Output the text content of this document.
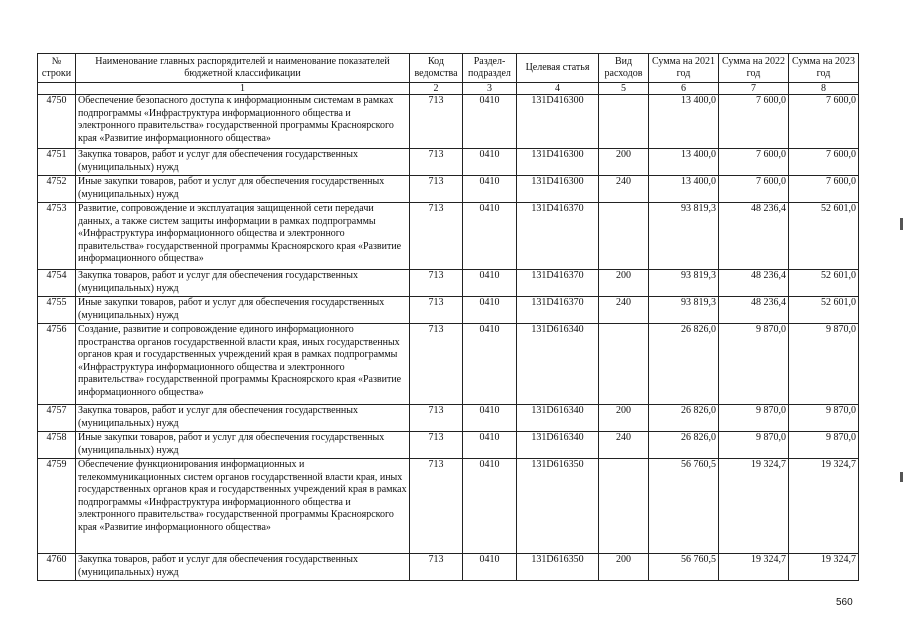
№ строки	Наименование главных распорядителей и наименование показателей бюджетной классификации	Код ведомства	Раздел-подраздел	Целевая статья	Вид расходов	Сумма на 2021 год	Сумма на 2022 год	Сумма на 2023 год
	1	2	3	4	5	6	7	8
4750	Обеспечение безопасного доступа к информационным системам в рамках подпрограммы «Инфраструктура информационного общества и электронного правительства» государственной программы Красноярского края «Развитие информационного общества»	713	0410	131D416300		13 400,0	7 600,0	7 600,0
4751	Закупка товаров, работ и услуг для обеспечения государственных (муниципальных) нужд	713	0410	131D416300	200	13 400,0	7 600,0	7 600,0
4752	Иные закупки товаров, работ и услуг для обеспечения государственных (муниципальных) нужд	713	0410	131D416300	240	13 400,0	7 600,0	7 600,0
4753	Развитие, сопровождение и эксплуатация защищенной сети передачи данных, а также систем защиты информации в рамках подпрограммы «Инфраструктура информационного общества и электронного правительства» государственной программы Красноярского края «Развитие информационного общества»	713	0410	131D416370		93 819,3	48 236,4	52 601,0
4754	Закупка товаров, работ и услуг для обеспечения государственных (муниципальных) нужд	713	0410	131D416370	200	93 819,3	48 236,4	52 601,0
4755	Иные закупки товаров, работ и услуг для обеспечения государственных (муниципальных) нужд	713	0410	131D416370	240	93 819,3	48 236,4	52 601,0
4756	Создание, развитие и сопровождение единого информационного пространства органов государственной власти края, иных государственных органов края и государственных учреждений края в рамках подпрограммы «Инфраструктура информационного общества и электронного правительства» государственной программы Красноярского края «Развитие информационного общества»	713	0410	131D616340		26 826,0	9 870,0	9 870,0
4757	Закупка товаров, работ и услуг для обеспечения государственных (муниципальных) нужд	713	0410	131D616340	200	26 826,0	9 870,0	9 870,0
4758	Иные закупки товаров, работ и услуг для обеспечения государственных (муниципальных) нужд	713	0410	131D616340	240	26 826,0	9 870,0	9 870,0
4759	Обеспечение функционирования информационных и телекоммуникационных систем органов государственной власти края, иных государственных органов края и государственных учреждений края в рамках подпрограммы «Инфраструктура информационного общества и электронного правительства» государственной программы Красноярского края «Развитие информационного общества»	713	0410	131D616350		56 760,5	19 324,7	19 324,7
4760	Закупка товаров, работ и услуг для обеспечения государственных (муниципальных) нужд	713	0410	131D616350	200	56 760,5	19 324,7	19 324,7
560
